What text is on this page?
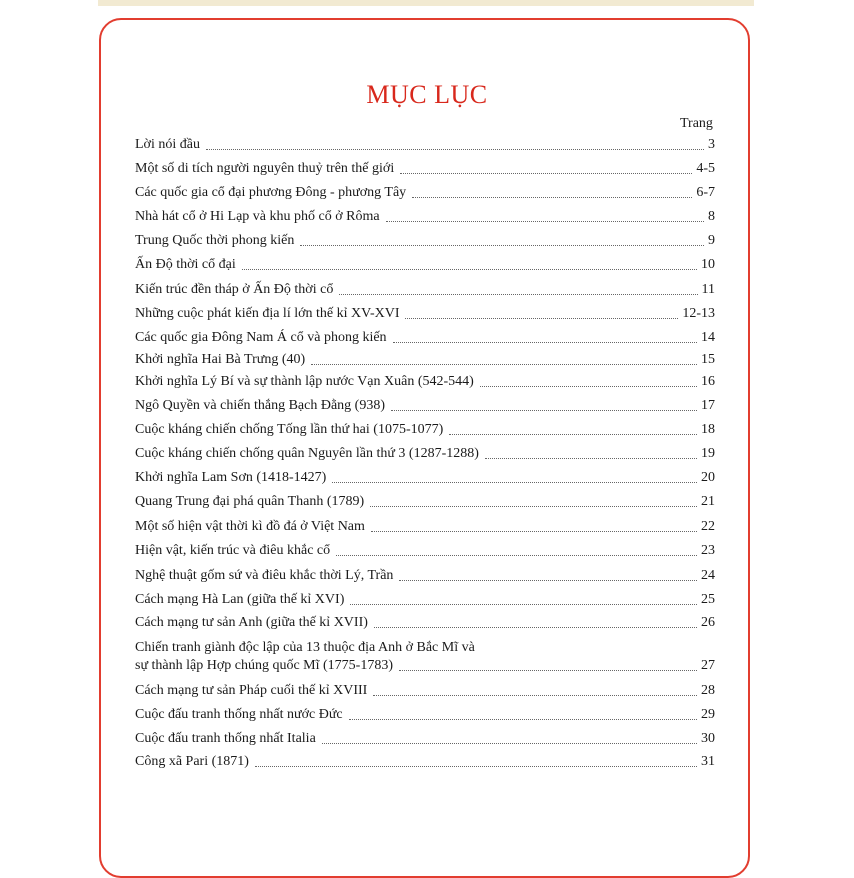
MỤC LỤC
Trang
Lời nói đầu	3
Một số di tích người nguyên thuỷ trên thế giới	4-5
Các quốc gia cổ đại phương Đông - phương Tây	6-7
Nhà hát cổ ở Hi Lạp và khu phố cổ ở Rôma	8
Trung Quốc thời phong kiến	9
Ấn Độ thời cổ đại	10
Kiến trúc đền tháp ở Ấn Độ thời cổ	11
Những cuộc phát kiến địa lí lớn thế kỉ XV-XVI	12-13
Các quốc gia Đông Nam Á cổ và phong kiến	14
Khởi nghĩa Hai Bà Trưng (40)	15
Khởi nghĩa Lý Bí và sự thành lập nước Vạn Xuân (542-544)	16
Ngô Quyền và chiến thắng Bạch Đằng (938)	17
Cuộc kháng chiến chống Tống lần thứ hai (1075-1077)	18
Cuộc kháng chiến chống quân Nguyên lần thứ 3 (1287-1288)	19
Khởi nghĩa Lam Sơn (1418-1427)	20
Quang Trung đại phá quân Thanh (1789)	21
Một số hiện vật thời kì đồ đá ở Việt Nam	22
Hiện vật, kiến trúc và điêu khắc cổ	23
Nghệ thuật gốm sứ và điêu khắc thời Lý, Trần	24
Cách mạng Hà Lan (giữa thế kỉ XVI)	25
Cách mạng tư sản Anh (giữa thế kỉ XVII)	26
Chiến tranh giành độc lập của 13 thuộc địa Anh ở Bắc Mĩ và
sự thành lập Hợp chúng quốc Mĩ (1775-1783)	27
Cách mạng tư sản Pháp cuối thế kỉ XVIII	28
Cuộc đấu tranh thống nhất nước Đức	29
Cuộc đấu tranh thống nhất Italia	30
Công xã Pari (1871)	31
